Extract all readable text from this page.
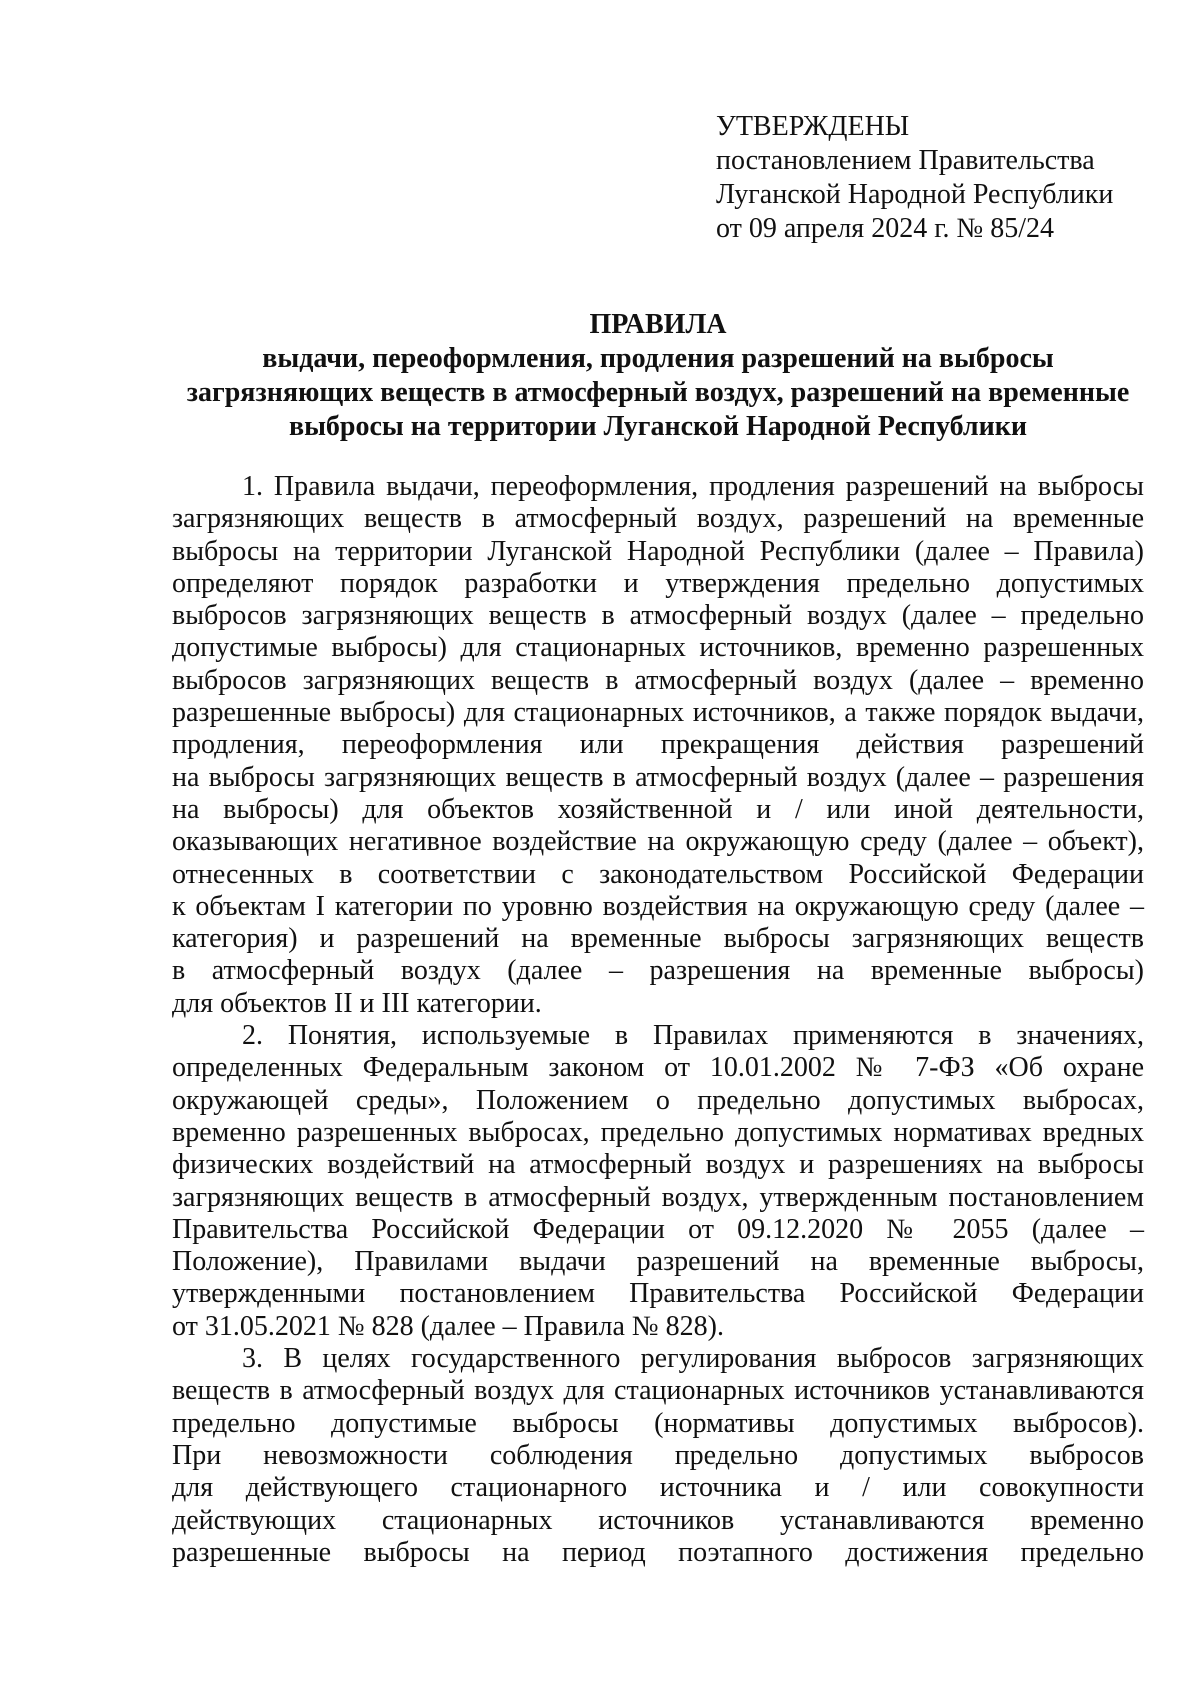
УТВЕРЖДЕНЫ
постановлением Правительства
Луганской Народной Республики
от 09 апреля 2024 г. № 85/24
ПРАВИЛА
выдачи, переоформления, продления разрешений на выбросы
загрязняющих веществ в атмосферный воздух, разрешений на временные
выбросы на территории Луганской Народной Республики
1. Правила выдачи, переоформления, продления разрешений на выбросы
загрязняющих веществ в атмосферный воздух, разрешений на временные
выбросы на территории Луганской Народной Республики (далее – Правила)
определяют порядок разработки и утверждения предельно допустимых
выбросов загрязняющих веществ в атмосферный воздух (далее – предельно
допустимые выбросы) для стационарных источников, временно разрешенных
выбросов загрязняющих веществ в атмосферный воздух (далее – временно
разрешенные выбросы) для стационарных источников, а также порядок выдачи,
продления, переоформления или прекращения действия разрешений
на выбросы загрязняющих веществ в атмосферный воздух (далее – разрешения
на выбросы) для объектов хозяйственной и / или иной деятельности,
оказывающих негативное воздействие на окружающую среду (далее – объект),
отнесенных в соответствии с законодательством Российской Федерации
к объектам I категории по уровню воздействия на окружающую среду (далее –
категория) и разрешений на временные выбросы загрязняющих веществ
в атмосферный воздух (далее – разрешения на временные выбросы)
для объектов II и III категории.
2. Понятия, используемые в Правилах применяются в значениях,
определенных Федеральным законом от 10.01.2002 № 7-ФЗ «Об охране
окружающей среды», Положением о предельно допустимых выбросах,
временно разрешенных выбросах, предельно допустимых нормативах вредных
физических воздействий на атмосферный воздух и разрешениях на выбросы
загрязняющих веществ в атмосферный воздух, утвержденным постановлением
Правительства Российской Федерации от 09.12.2020 № 2055 (далее –
Положение), Правилами выдачи разрешений на временные выбросы,
утвержденными постановлением Правительства Российской Федерации
от 31.05.2021 № 828 (далее – Правила № 828).
3. В целях государственного регулирования выбросов загрязняющих
веществ в атмосферный воздух для стационарных источников устанавливаются
предельно допустимые выбросы (нормативы допустимых выбросов).
При невозможности соблюдения предельно допустимых выбросов
для действующего стационарного источника и / или совокупности
действующих стационарных источников устанавливаются временно
разрешенные выбросы на период поэтапного достижения предельно
